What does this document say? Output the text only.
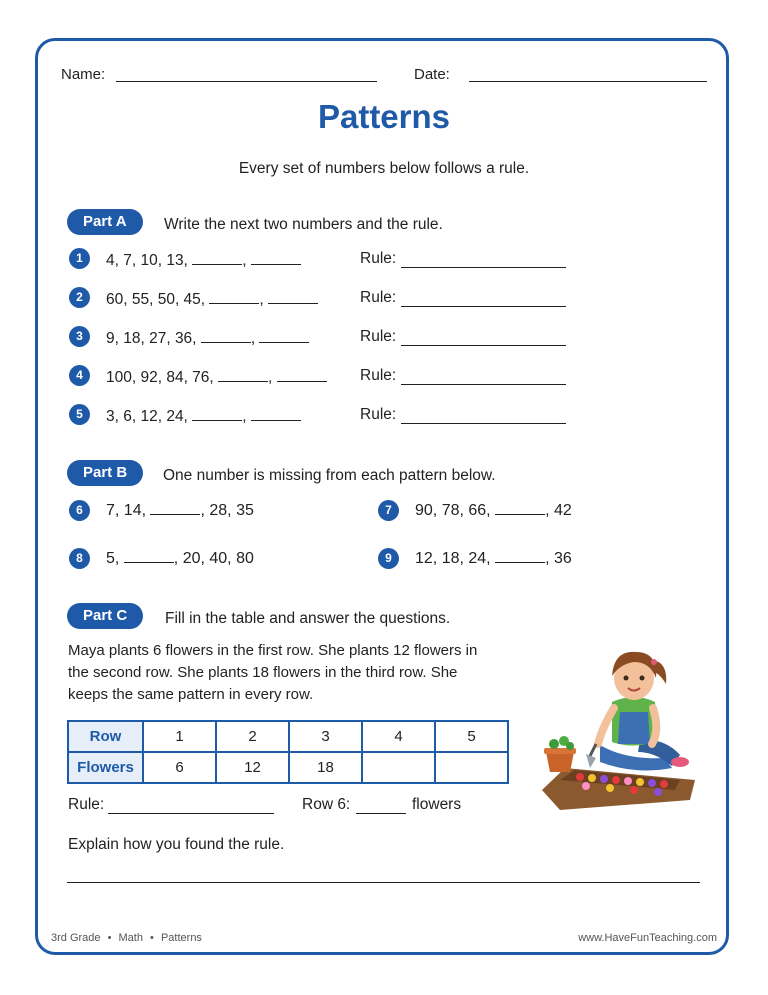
Name:	Date:
Patterns
Every set of numbers below follows a rule.
Part A	Write the next two numbers and the rule.
1	4, 7, 10, 13,	,	Rule:
2	60, 55, 50, 45,	,	Rule:
3	9, 18, 27, 36,	,	Rule:
4	100, 92, 84, 76,	,	Rule:
5	3, 6, 12, 24,	,	Rule:
Part B	One number is missing from each pattern below.
6	7, 14,	, 28, 35	7	90, 78, 66,	, 42
8	5,	, 20, 40, 80	9	12, 18, 24,	, 36
Part C	Fill in the table and answer the questions.
Maya plants 6 flowers in the first row. She plants 12 flowers in
the second row. She plants 18 flowers in the third row. She
keeps the same pattern in every row.
Row	1	2	3	4	5
Flowers	6	12	18		
Rule:	Row 6:	flowers
Explain how you found the rule.
3rd Grade • Math • Patterns	www.HaveFunTeaching.com
